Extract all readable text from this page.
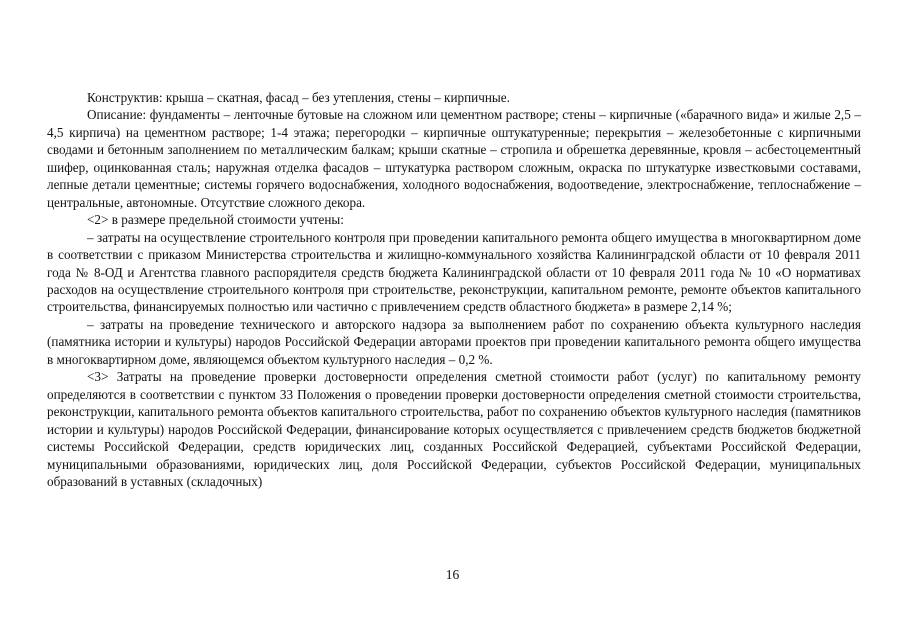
Конструктив: крыша – скатная, фасад – без утепления, стены – кирпичные.

Описание: фундаменты – ленточные бутовые на сложном или цементном растворе; стены – кирпичные («барачного вида» и жилые 2,5 – 4,5 кирпича) на цементном растворе; 1-4 этажа; перегородки – кирпичные оштукатуренные; перекрытия – железобетонные с кирпичными сводами и бетонным заполнением по металлическим балкам; крыши скатные – стропила и обрешетка деревянные, кровля – асбестоцементный шифер, оцинкованная сталь; наружная отделка фасадов – штукатурка раствором сложным, окраска по штукатурке известковыми составами, лепные детали цементные; системы горячего водоснабжения, холодного водоснабжения, водоотведение, электроснабжение, теплоснабжение – центральные, автономные. Отсутствие сложного декора.

<2> в размере предельной стоимости учтены:

– затраты на осуществление строительного контроля при проведении капитального ремонта общего имущества в многоквартирном доме в соответствии с приказом Министерства строительства и жилищно-коммунального хозяйства Калининградской области от 10 февраля 2011 года № 8-ОД и Агентства главного распорядителя средств бюджета Калининградской области от 10 февраля 2011 года № 10 «О нормативах расходов на осуществление строительного контроля при строительстве, реконструкции, капитальном ремонте, ремонте объектов капитального строительства, финансируемых полностью или частично с привлечением средств областного бюджета» в размере 2,14 %;

– затраты на проведение технического и авторского надзора за выполнением работ по сохранению объекта культурного наследия (памятника истории и культуры) народов Российской Федерации авторами проектов при проведении капитального ремонта общего имущества в многоквартирном доме, являющемся объектом культурного наследия – 0,2 %.

<3> Затраты на проведение проверки достоверности определения сметной стоимости работ (услуг) по капитальному ремонту определяются в соответствии с пунктом 33 Положения о проведении проверки достоверности определения сметной стоимости строительства, реконструкции, капитального ремонта объектов капитального строительства, работ по сохранению объектов культурного наследия (памятников истории и культуры) народов Российской Федерации, финансирование которых осуществляется с привлечением средств бюджетов бюджетной системы Российской Федерации, средств юридических лиц, созданных Российской Федерацией, субъектами Российской Федерации, муниципальными образованиями, юридических лиц, доля Российской Федерации, субъектов Российской Федерации, муниципальных образований в уставных (складочных)

16
